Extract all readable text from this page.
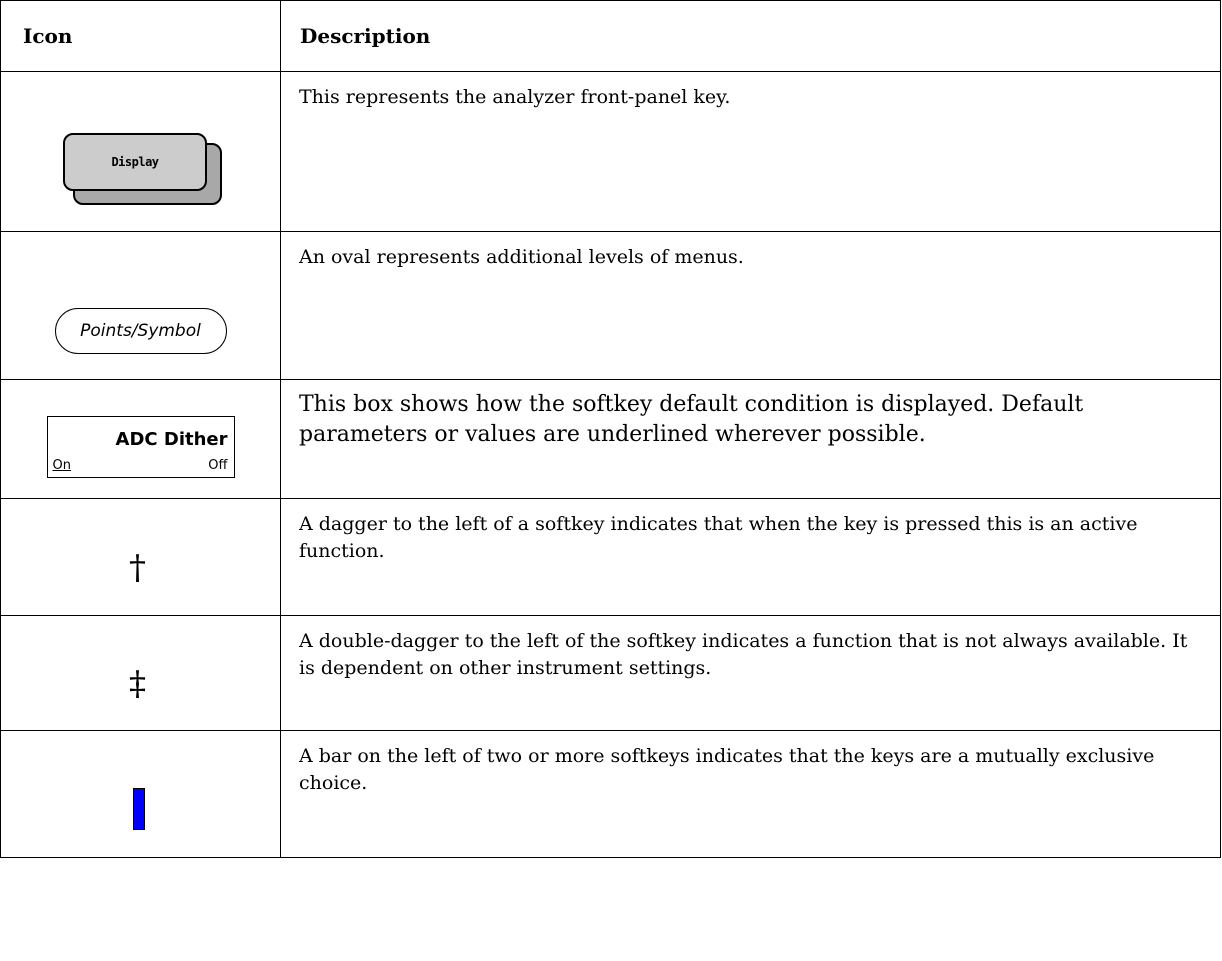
Icon	Description

Display	This represents the analyzer front-panel key.

Points/Symbol	An oval represents additional levels of menus.

ADC Dither
On Off	This box shows how the softkey default condition is displayed. Default parameters or values are underlined wherever possible.
†	A dagger to the left of a softkey indicates that when the key is pressed this is an active function.
‡	A double-dagger to the left of the softkey indicates a function that is not always available. It is dependent on other instrument settings.
	A bar on the left of two or more softkeys indicates that the keys are a mutually exclusive choice.
